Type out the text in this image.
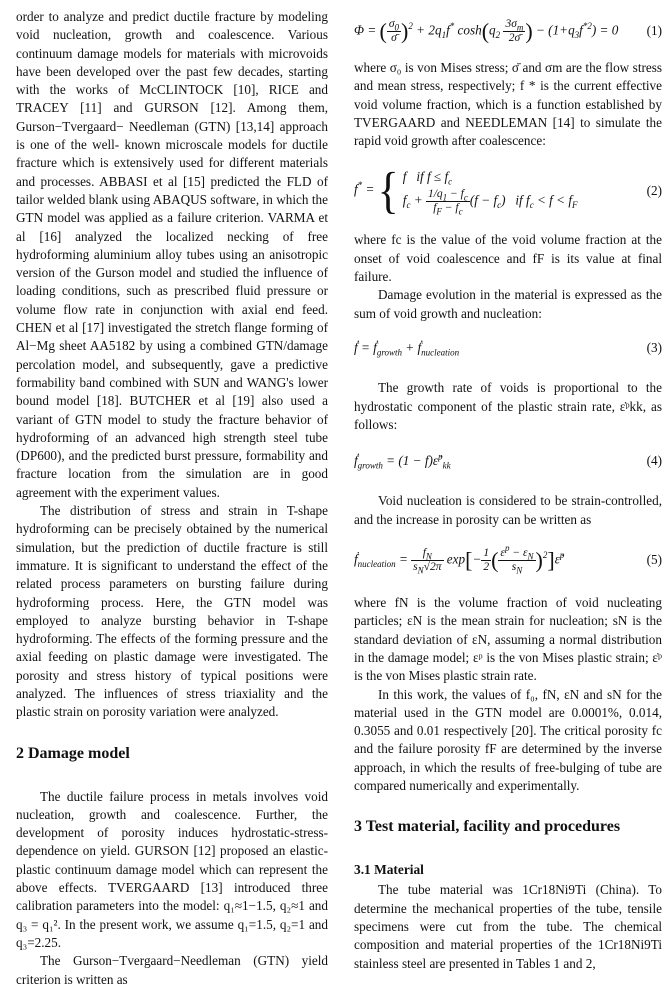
order to analyze and predict ductile fracture by modeling void nucleation, growth and coalescence. Various continuum damage models for materials with microvoids have been developed over the past few decades, starting with the works of McCLINTOCK [10], RICE and TRACEY [11] and GURSON [12]. Among them, Gurson−Tvergaard− Needleman (GTN) [13,14] approach is one of the well- known microscale models for ductile fracture which is extensively used for different materials and processes. ABBASI et al [15] predicted the FLD of tailor welded blank using ABAQUS software, in which the GTN model was applied as a failure criterion. VARMA et al [16] analyzed the localized necking of free hydroforming aluminium alloy tubes using an anisotropic version of the Gurson model and studied the influence of loading conditions, such as prescribed fluid pressure or volume flow rate in conjunction with axial end feed. CHEN et al [17] investigated the stretch flange forming of Al−Mg sheet AA5182 by using a combined GTN/damage percolation model, and subsequently, gave a predictive formability band combined with SUN and WANG's lower bound model [18]. BUTCHER et al [19] also used a variant of GTN model to study the fracture behavior of hydroforming of an advanced high strength steel tube (DP600), and the predicted burst pressure, formability and fracture location from the simulation are in good agreement with the experiment values.

The distribution of stress and strain in T-shape hydroforming can be precisely obtained by the numerical simulation, but the prediction of ductile fracture is still immature. It is significant to understand the effect of the related process parameters on bursting failure during hydroforming process. Here, the GTN model was employed to analyze bursting behavior in T-shape hydroforming. The effects of the forming pressure and the axial feeding on plastic damage were investigated. The porosity and stress history of typical positions were analyzed. The influences of stress triaxiality and the plastic strain on porosity variation were analyzed.

2 Damage model

The ductile failure process in metals involves void nucleation, growth and coalescence. Further, the development of porosity induces hydrostatic-stress-dependence on yield. GURSON [12] proposed an elastic-plastic continuum damage model which can represent the above effects. TVERGAARD [13] introduced three calibration parameters into the model: q₁≈1−1.5, q₂≈1 and q₃ = q₁². In the present work, we assume q₁=1.5, q₂=1 and q₃=2.25.

The Gurson−Tvergaard−Needleman (GTN) yield criterion is written as

Φ = ( $\frac{\sigma_0}{\sigmā} )^2 + 2q_1f^*$ $\cosh(q_2 \frac{3\sigma_m}{2\sigmā}$ ) − $(1+q_3f^{*2}) = 0$ (1)

where σ₀ is von Mises stress; σ̄ and σm are the flow stress and mean stress, respectively; f * is the current effective void volume fraction, which is a function established by TVERGAARD and NEEDLEMAN [14] to simulate the rapid void growth after coalescence:

f* = { f   if $f \le f_c$
$f_c + \frac{1/q_1 - f_c}{f_F - f_c} (f - f_c)$   if $f_c < f < f_F$
(2)

where fc is the value of the void volume fraction at the onset of void coalescence and fF is its value at final failure.

Damage evolution in the material is expressed as the sum of void growth and nucleation:

ḟ = ḟ$_{growth}$ + ḟ$_{nucleation}$	(3)

The growth rate of voids is proportional to the hydrostatic component of the plastic strain rate, ε̇ᵖkk, as follows:

ḟ$_{growth}$ = (1 − f)ε̇$^p_{kk}$	(4)

Void nucleation is considered to be strain-controlled, and the increase in porosity can be written as

ḟ$_{nucleation}$ = $\frac{f_N}{s_N√2\pi} \exp[- \frac{1}{2}$ ( $\frac{\varepsilon^p - \varepsilon_N}{s_N}$ )$^2$]ε̇$^p$	(5)

where fN is the volume fraction of void nucleating particles; εN is the mean strain for nucleation; sN is the standard deviation of εN, assuming a normal distribution in the damage model; εᵖ is the von Mises plastic strain; ε̇ᵖ is the von Mises plastic strain rate.

In this work, the values of f₀, fN, εN and sN for the material used in the GTN model are 0.0001%, 0.014, 0.3055 and 0.01 respectively [20]. The critical porosity fc and the failure porosity fF are determined by the inverse approach, in which the results of free-bulging of tube are compared numerically and experimentally.

3 Test material, facility and procedures
3.1 Material

The tube material was 1Cr18Ni9Ti (China). To determine the mechanical properties of the tube, tensile specimens were cut from the tube. The chemical composition and material properties of the 1Cr18Ni9Ti stainless steel are presented in Tables 1 and 2,
